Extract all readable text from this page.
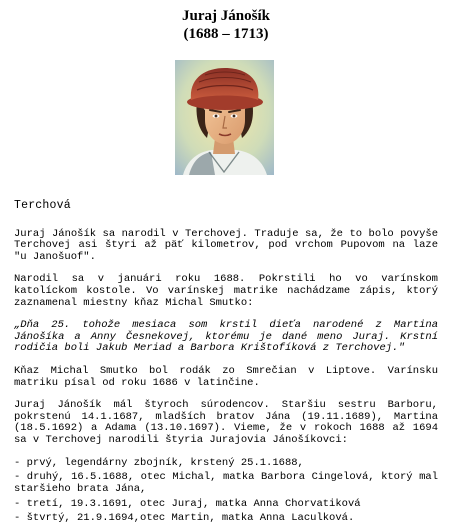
Juraj Jánošík
(1688 – 1713)
Terchová

Juraj Jánošík sa narodil v Terchovej. Traduje sa, že to bolo povyše Terchovej asi štyri až päť kilometrov, pod vrchom Pupovom na laze "u Janošuof".

Narodil sa v januári roku 1688. Pokrstili ho vo varínskom katolíckom kostole. Vo varínskej matrike nachádzame zápis, ktorý zaznamenal miestny kňaz Michal Smutko:

„Dňa 25. tohože mesiaca som krstil dieťa narodené z Martina Jánošíka a Anny Česnekovej, ktorému je dané meno Juraj. Krstní rodičia boli Jakub Meriad a Barbora Krištofíková z Terchovej."

Kňaz Michal Smutko bol rodák zo Smrečian v Liptove. Varínsku matriku písal od roku 1686 v latinčine.

Juraj Jánošík mál štyroch súrodencov. Staršiu sestru Barboru, pokrstenú 14.1.1687, mladších bratov Jána (19.11.1689), Martina (18.5.1692) a Adama (13.10.1697). Vieme, že v rokoch 1688 až 1694 sa v Terchovej narodili štyria Jurajovia Jánošíkovci:

- prvý, legendárny zbojník, krstený 25.1.1688,
- druhý, 16.5.1688, otec Michal, matka Barbora Cingelová, ktorý mal staršieho brata Jána,
- tretí, 19.3.1691, otec Juraj, matka Anna Chorvatiková
- štvrtý, 21.9.1694,otec Martin, matka Anna Laculková.
